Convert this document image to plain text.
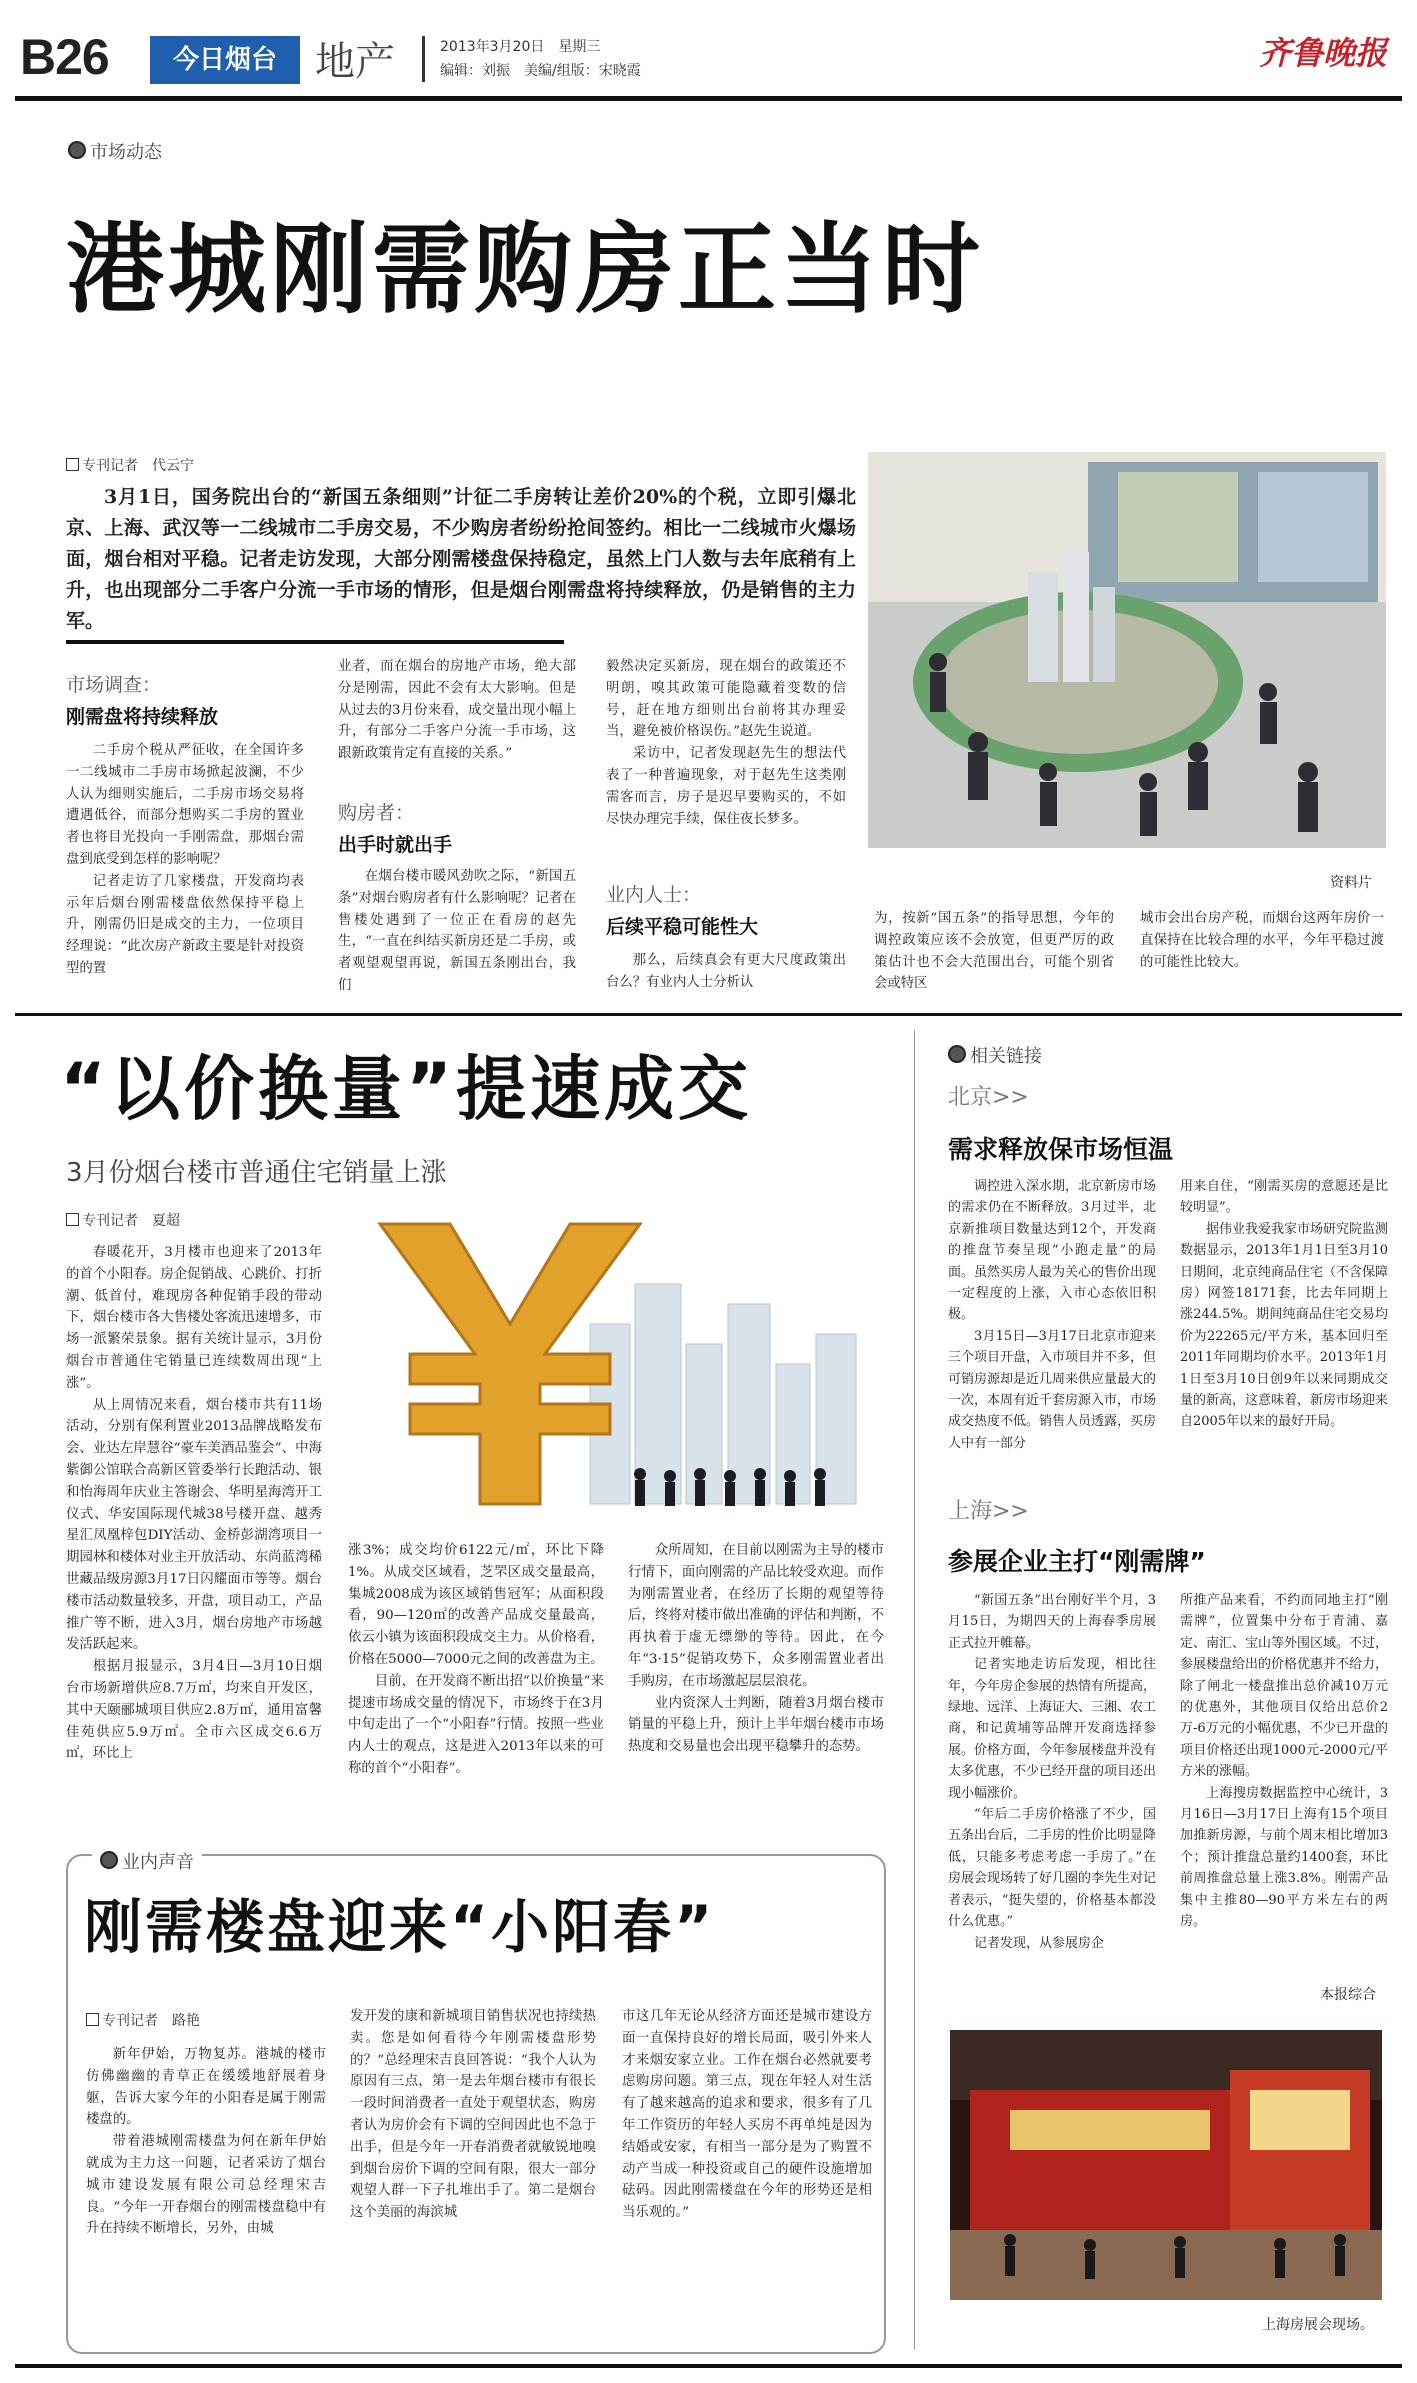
B26	今日烟台 地产	2013年3月20日　星期三
编辑：刘振　美编/组版：宋晓霞	齐鲁晚报
市场动态
港城刚需购房正当时
专刊记者　代云宁

3月1日，国务院出台的“新国五条细则”计征二手房转让差价20%的个税，立即引爆北京、上海、武汉等一二线城市二手房交易，不少购房者纷纷抢间签约。相比一二线城市火爆场面，烟台相对平稳。记者走访发现，大部分刚需楼盘保持稳定，虽然上门人数与去年底稍有上升，也出现部分二手客户分流一手市场的情形，但是烟台刚需盘将持续释放，仍是销售的主力军。

资料片
市场调查：
刚需盘将持续释放

二手房个税从严征收，在全国许多一二线城市二手房市场掀起波澜，不少人认为细则实施后，二手房市场交易将遭遇低谷，而部分想购买二手房的置业者也将目光投向一手刚需盘，那烟台需盘到底受到怎样的影响呢？

记者走访了几家楼盘，开发商均表示年后烟台刚需楼盘依然保持平稳上升，刚需仍旧是成交的主力，一位项目经理说：“此次房产新政主要是针对投资型的置

业者，而在烟台的房地产市场，绝大部分是刚需，因此不会有太大影响。但是从过去的3月份来看，成交量出现小幅上升，有部分二手客户分流一手市场，这跟新政策肯定有直接的关系。”

购房者：
出手时就出手

在烟台楼市暖风劲吹之际，“新国五条”对烟台购房者有什么影响呢？记者在售楼处遇到了一位正在看房的赵先生，“一直在纠结买新房还是二手房，或者观望观望再说，新国五条刚出台，我们

毅然决定买新房，现在烟台的政策还不明朗，嗅其政策可能隐藏着变数的信号，赶在地方细则出台前将其办理妥当，避免被价格误伤。”赵先生说道。

采访中，记者发现赵先生的想法代表了一种普遍现象，对于赵先生这类刚需客而言，房子是迟早要购买的，不如尽快办理完手续，保住夜长梦多。

业内人士：
后续平稳可能性大

那么，后续真会有更大尺度政策出台么？有业内人士分析认

为，按新“国五条”的指导思想，今年的调控政策应该不会放宽，但更严厉的政策估计也不会大范围出台，可能个别省会或特区

城市会出台房产税，而烟台这两年房价一直保持在比较合理的水平，今年平稳过渡的可能性比较大。

“以价换量”提速成交
3月份烟台楼市普通住宅销量上涨
专刊记者　夏超

春暖花开，3月楼市也迎来了2013年的首个小阳春。房企促销战、心跳价、打折潮、低首付，难现房各种促销手段的带动下，烟台楼市各大售楼处客流迅速增多，市场一派繁荣景象。据有关统计显示，3月份烟台市普通住宅销量已连续数周出现“上涨”。

从上周情况来看，烟台楼市共有11场活动，分别有保利置业2013品牌战略发布会、业达左岸慧谷“豪车美酒品鉴会”、中海紫御公馆联合高新区管委举行长跑活动、银和怡海周年庆业主答谢会、华明星海湾开工仪式、华安国际现代城38号楼开盘、越秀星汇凤凰梓包DIY活动、金桥彭湖湾项目一期园林和楼体对业主开放活动、东尚蓝湾稀世藏品级房源3月17日闪耀面市等等。烟台楼市活动数量较多，开盘，项目动工，产品推广等不断，进入3月，烟台房地产市场越发活跃起来。

根据月报显示，3月4日—3月10日烟台市场新增供应8.7万㎡，均来自开发区，其中天颐郦城项目供应2.8万㎡，通用富馨佳苑供应5.9万㎡。全市六区成交6.6万㎡，环比上

涨3%；成交均价6122元/㎡，环比下降1%。从成交区域看，芝罘区成交量最高，集城2008成为该区域销售冠军；从面积段看，90—120㎡的改善产品成交量最高，依云小镇为该面积段成交主力。从价格看，价格在5000—7000元之间的改善盘为主。

目前，在开发商不断出招“以价换量”来提速市场成交量的情况下，市场终于在3月中旬走出了一个“小阳春”行情。按照一些业内人士的观点，这是进入2013年以来的可称的首个“小阳春”。

众所周知，在目前以刚需为主导的楼市行情下，面向刚需的产品比较受欢迎。而作为刚需置业者，在经历了长期的观望等待后，终将对楼市做出准确的评估和判断，不再执着于虚无缥缈的等待。因此，在今年“3·15”促销攻势下，众多刚需置业者出手购房，在市场激起层层浪花。

业内资深人士判断，随着3月烟台楼市销量的平稳上升，预计上半年烟台楼市市场热度和交易量也会出现平稳攀升的态势。

相关链接
北京>>
需求释放保市场恒温

调控进入深水期，北京新房市场的需求仍在不断释放。3月过半，北京新推项目数量达到12个，开发商的推盘节奏呈现“小跑走量”的局面。虽然买房人最为关心的售价出现一定程度的上涨，入市心态依旧积极。

3月15日—3月17日北京市迎来三个项目开盘，入市项目并不多，但可销房源却是近几周来供应量最大的一次，本周有近千套房源入市，市场成交热度不低。销售人员透露，买房人中有一部分

用来自住，“刚需买房的意愿还是比较明显”。

据伟业我爱我家市场研究院监测数据显示，2013年1月1日至3月10日期间，北京纯商品住宅（不含保障房）网签18171套，比去年同期上涨244.5%。期间纯商品住宅交易均价为22265元/平方米，基本回归至2011年同期均价水平。2013年1月1日至3月10日创9年以来同期成交量的新高，这意味着，新房市场迎来自2005年以来的最好开局。

上海>>
参展企业主打“刚需牌”

“新国五条”出台刚好半个月，3月15日，为期四天的上海春季房展正式拉开帷幕。

记者实地走访后发现，相比往年，今年房企参展的热情有所提高，绿地、远洋、上海证大、三湘、农工商，和记黄埔等品牌开发商选择参展。价格方面，今年参展楼盘并没有太多优惠，不少已经开盘的项目还出现小幅涨价。

“年后二手房价格涨了不少，国五条出台后，二手房的性价比明显降低，只能多考虑考虑一手房了。”在房展会现场转了好几圈的李先生对记者表示，“挺失望的，价格基本都没什么优惠。”

记者发现，从参展房企

所推产品来看，不约而同地主打“刚需牌”，位置集中分布于青浦、嘉定、南汇、宝山等外围区域。不过，参展楼盘给出的价格优惠并不给力，除了闸北一楼盘推出总价减10万元的优惠外，其他项目仅给出总价2万-6万元的小幅优惠，不少已开盘的项目价格还出现1000元-2000元/平方米的涨幅。

上海搜房数据监控中心统计，3月16日—3月17日上海有15个项目加推新房源，与前个周末相比增加3个；预计推盘总量约1400套，环比前周推盘总量上涨3.8%。刚需产品集中主推80—90平方米左右的两房。

本报综合
上海房展会现场。
业内声音
刚需楼盘迎来“小阳春”
专刊记者　路艳

新年伊始，万物复苏。港城的楼市仿佛幽幽的青草正在缓缓地舒展着身躯，告诉大家今年的小阳春是属于刚需楼盘的。

带着港城刚需楼盘为何在新年伊始就成为主力这一问题，记者采访了烟台城市建设发展有限公司总经理宋吉良。“今年一开春烟台的刚需楼盘稳中有升在持续不断增长，另外，由城

发开发的康和新城项目销售状况也持续热卖。您是如何看待今年刚需楼盘形势的？”总经理宋吉良回答说：“我个人认为原因有三点，第一是去年烟台楼市有很长一段时间消费者一直处于观望状态，购房者认为房价会有下调的空间因此也不急于出手，但是今年一开春消费者就敏锐地嗅到烟台房价下调的空间有限，很大一部分观望人群一下子扎堆出手了。第二是烟台这个美丽的海滨城

市这几年无论从经济方面还是城市建设方面一直保持良好的增长局面，吸引外来人才来烟安家立业。工作在烟台必然就要考虑购房问题。第三点，现在年轻人对生活有了越来越高的追求和要求，很多有了几年工作资历的年轻人买房不再单纯是因为结婚或安家，有相当一部分是为了购置不动产当成一种投资或自己的硬件设施增加砝码。因此刚需楼盘在今年的形势还是相当乐观的。”
